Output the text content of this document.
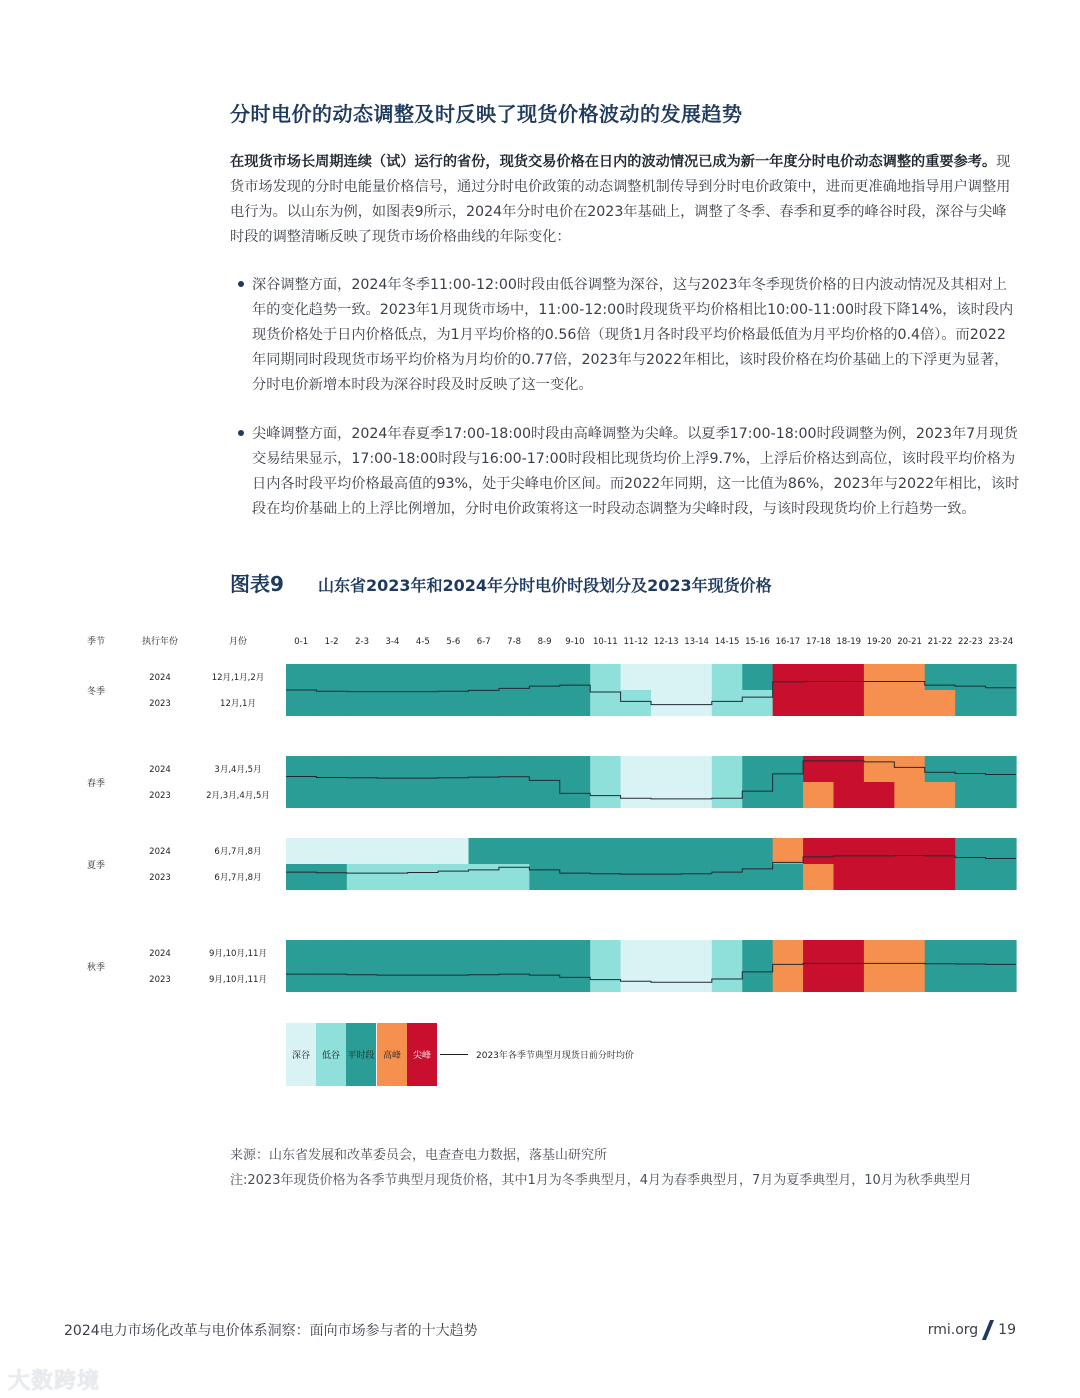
分时电价的动态调整及时反映了现货价格波动的发展趋势
在现货市场长周期连续（试）运行的省份，现货交易价格在日内的波动情况已成为新一年度分时电价动态调整的重要参考。现货市场发现的分时电能量价格信号，通过分时电价政策的动态调整机制传导到分时电价政策中，进而更准确地指导用户调整用电行为。以山东为例，如图表9所示，2024年分时电价在2023年基础上，调整了冬季、春季和夏季的峰谷时段，深谷与尖峰时段的调整清晰反映了现货市场价格曲线的年际变化：
深谷调整方面，2024年冬季11:00-12:00时段由低谷调整为深谷，这与2023年冬季现货价格的日内波动情况及其相对上年的变化趋势一致。2023年1月现货市场中，11:00-12:00时段现货平均价格相比10:00-11:00时段下降14%，该时段内现货价格处于日内价格低点，为1月平均价格的0.56倍（现货1月各时段平均价格最低值为月平均价格的0.4倍）。而2022年同期同时段现货市场平均价格为月均价的0.77倍，2023年与2022年相比，该时段价格在均价基础上的下浮更为显著，分时电价新增本时段为深谷时段及时反映了这一变化。
尖峰调整方面，2024年春夏季17:00-18:00时段由高峰调整为尖峰。以夏季17:00-18:00时段调整为例，2023年7月现货交易结果显示，17:00-18:00时段与16:00-17:00时段相比现货均价上浮9.7%，上浮后价格达到高位，该时段平均价格为日内各时段平均价格最高值的93%，处于尖峰电价区间。而2022年同期，这一比值为86%，2023年与2022年相比，该时段在均价基础上的上浮比例增加，分时电价政策将这一时段动态调整为尖峰时段，与该时段现货均价上行趋势一致。
图表9 山东省2023年和2024年分时电价时段划分及2023年现货价格
季节	执行年份	月份	0-1 1-2 2-3 3-4 4-5 5-6 6-7 7-8 8-9 9-10 10-11 11-12 12-13 13-14 14-15 15-16 16-17 17-18 18-19 19-20 20-21 21-22 22-23 23-24
冬季
2024	12月,1月,2月
2023	12月,1月
春季
2024	3月,4月,5月
2023	2月,3月,4月,5月
夏季
2024	6月,7月,8月
2023	6月,7月,8月
秋季
2024	9月,10月,11月
2023	9月,10月,11月
深谷	低谷 平时段 高峰	尖峰	2023年各季节典型月现货日前分时均价
来源：山东省发展和改革委员会，电查查电力数据，落基山研究所
注:2023年现货价格为各季节典型月现货价格，其中1月为冬季典型月，4月为春季典型月，7月为夏季典型月，10月为秋季典型月
2024电力市场化改革与电价体系洞察：面向市场参与者的十大趋势	rmi.org 19
大数跨境
